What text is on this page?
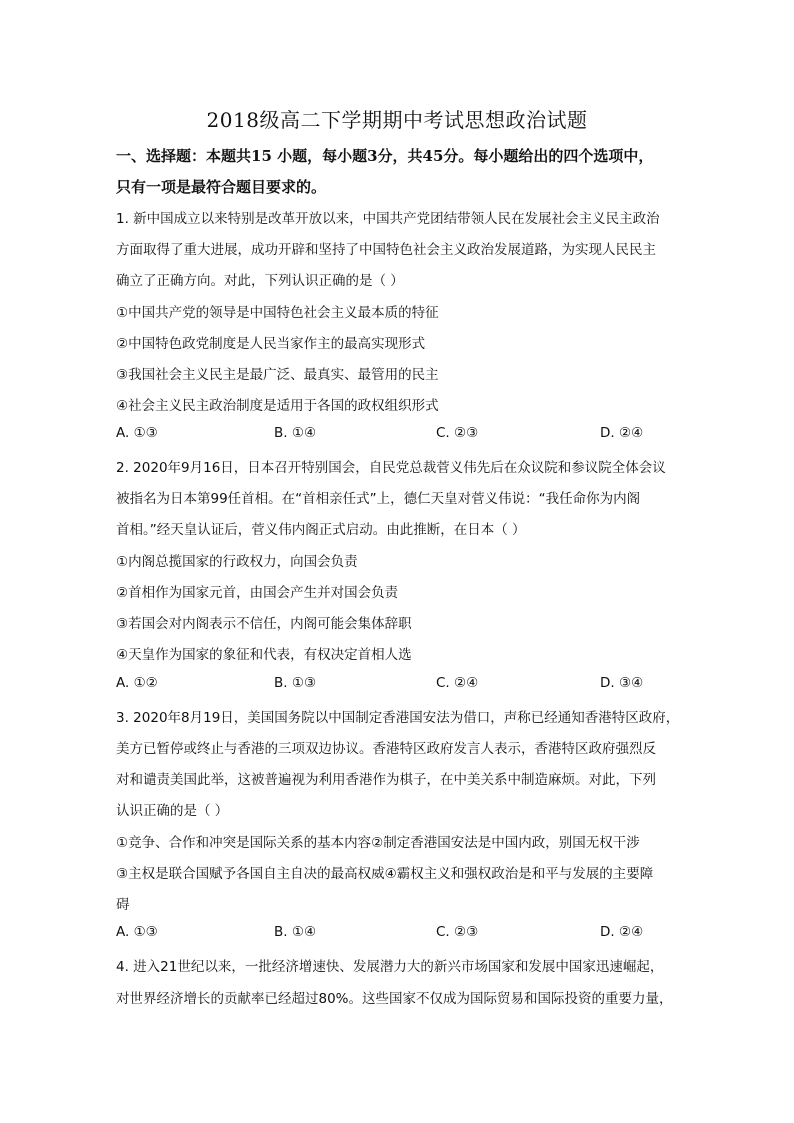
2018级高二下学期期中考试思想政治试题
一、选择题：本题共15 小题，每小题3分，共45分。每小题给出的四个选项中，
只有一项是最符合题目要求的。
1. 新中国成立以来特别是改革开放以来，中国共产党团结带领人民在发展社会主义民主政治
方面取得了重大进展，成功开辟和坚持了中国特色社会主义政治发展道路，为实现人民民主
确立了正确方向。对此，下列认识正确的是（ ）
①中国共产党的领导是中国特色社会主义最本质的特征
②中国特色政党制度是人民当家作主的最高实现形式
③我国社会主义民主是最广泛、最真实、最管用的民主
④社会主义民主政治制度是适用于各国的政权组织形式
A. ①③	B. ①④	C. ②③	D. ②④
2. 2020年9月16日，日本召开特别国会，自民党总裁菅义伟先后在众议院和参议院全体会议
被指名为日本第99任首相。在“首相亲任式”上，德仁天皇对菅义伟说：“我任命你为内阁
首相。”经天皇认证后，菅义伟内阁正式启动。由此推断，在日本（ ）
①内阁总揽国家的行政权力，向国会负责
②首相作为国家元首，由国会产生并对国会负责
③若国会对内阁表示不信任，内阁可能会集体辞职
④天皇作为国家的象征和代表，有权决定首相人选
A. ①②	B. ①③	C. ②④	D. ③④
3. 2020年8月19日，美国国务院以中国制定香港国安法为借口，声称已经通知香港特区政府，
美方已暂停或终止与香港的三项双边协议。香港特区政府发言人表示，香港特区政府强烈反
对和谴责美国此举，这被普遍视为利用香港作为棋子，在中美关系中制造麻烦。对此，下列
认识正确的是（ ）
①竞争、合作和冲突是国际关系的基本内容②制定香港国安法是中国内政，别国无权干涉
③主权是联合国赋予各国自主自决的最高权威④霸权主义和强权政治是和平与发展的主要障
碍
A. ①③	B. ①④	C. ②③	D. ②④
4. 进入21世纪以来，一批经济增速快、发展潜力大的新兴市场国家和发展中国家迅速崛起，
对世界经济增长的贡献率已经超过80%。这些国家不仅成为国际贸易和国际投资的重要力量，
